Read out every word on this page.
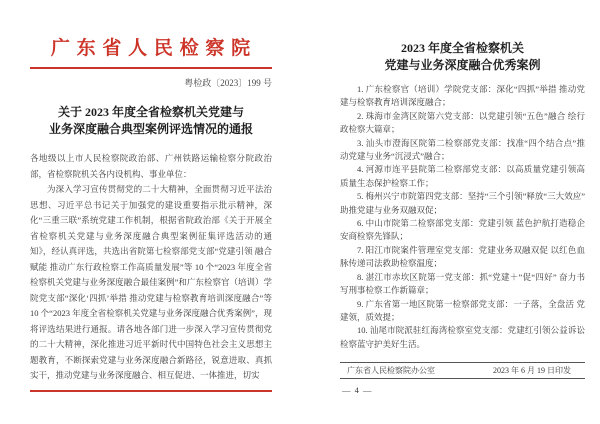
广 东 省 人 民 检 察 院
粤检政〔2023〕199 号
关于 2023 年度全省检察机关党建与
业务深度融合典型案例评选情况的通报

各地级以上市人民检察院政治部、广州铁路运输检察分院政治部，省检察院机关各内设机构、事业单位：

为深入学习宣传贯彻党的二十大精神，全面贯彻习近平法治思想、习近平总书记关于加强党的建设重要指示批示精神，深化“三重三联”系统党建工作机制，根据省院政治部《关于开展全省检察机关党建与业务深度融合典型案例征集评选活动的通知》，经认真评选，共选出省院第七检察部党支部“党建引领 融合赋能 推动广东行政检察工作高质量发展”等 10 个“2023 年度全省检察机关党建与业务深度融合最佳案例”和广东检察官（培训）学院党支部“深化‘四抓’举措 推动党建与检察教育培训深度融合”等 10 个“2023 年度全省检察机关党建与业务深度融合优秀案例”，现将评选结果进行通报。请各地各部门进一步深入学习宣传贯彻党的二十大精神，深化推进习近平新时代中国特色社会主义思想主题教育，不断探索党建与业务深度融合新路径，锐意进取、真抓实干，推动党建与业务深度融合、相互促进、一体推进，切实

2023 年度全省检察机关
党建与业务深度融合优秀案例

1. 广东检察官（培训）学院党支部：深化“四抓”举措 推动党建与检察教育培训深度融合；

2. 珠海市金湾区院第六党支部：以党建引领“五色”融合 绘行政检察大篇章；

3. 汕头市澄海区院第二检察部党支部：找准“四个结合点”推动党建与业务“沉浸式”融合；

4. 河源市连平县院第二检察部党支部：以高质量党建引领高质量生态保护检察工作；

5. 梅州兴宁市院第四党支部：坚持“三个引领”释放“三大效应” 助推党建与业务双融双促；

6. 中山市院第二检察部党支部：党建引领 蓝色护航打造稳企安商检察先锋队；

7. 阳江市院案件管理室党支部：党建业务双融双促 以红色血脉传递司法救助检察温度；

8. 湛江市赤坎区院第一党支部：抓“党建＋”促“四好” 奋力书写刑事检察工作新篇章；

9. 广东省第一地区院第一检察部党支部：一子落，全盘活 党建领，质效提；

10. 汕尾市院派驻红海湾检察室党支部：党建红引领公益诉讼 检察蓝守护美好生活。

广东省人民检察院办公室	2023 年 6 月 19 日印发
— 4 —
